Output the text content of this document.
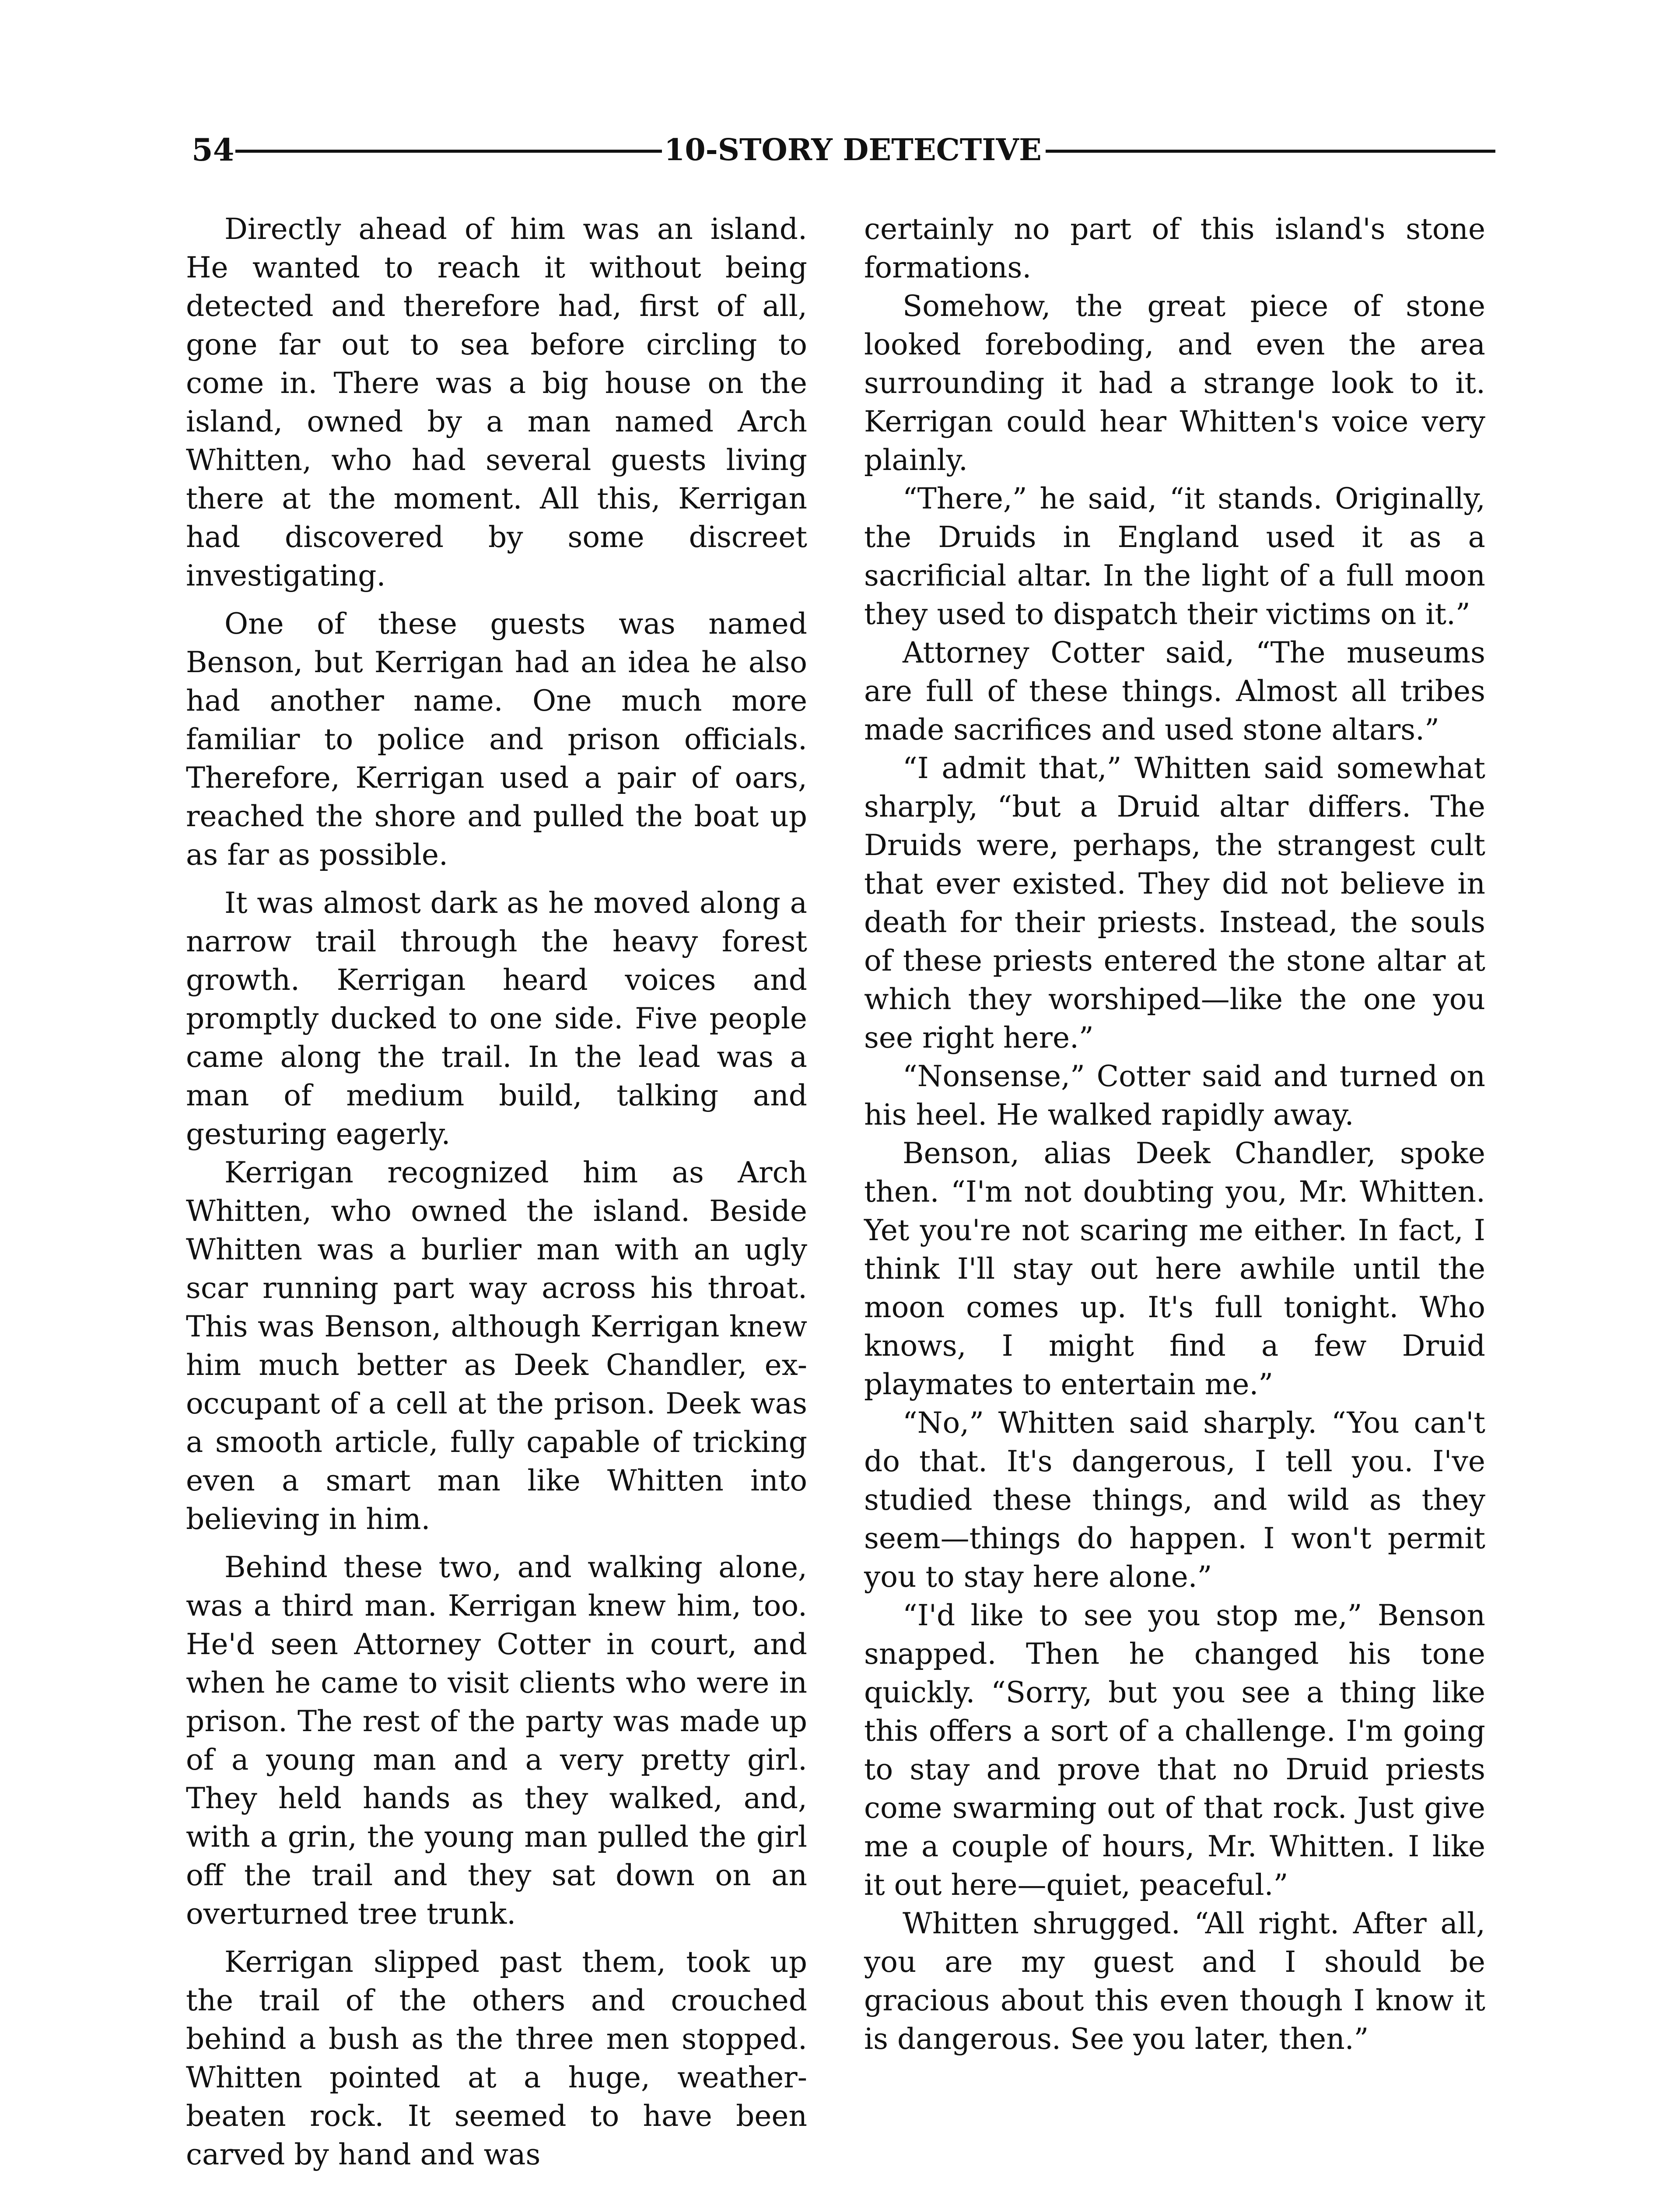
54	10-STORY DETECTIVE

Directly ahead of him was an island. He wanted to reach it without being detected and therefore had, first of all, gone far out to sea before circling to come in. There was a big house on the island, owned by a man named Arch Whitten, who had several guests living there at the moment. All this, Kerrigan had discovered by some discreet investigating.

One of these guests was named Benson, but Kerrigan had an idea he also had another name. One much more familiar to police and prison officials. Therefore, Kerrigan used a pair of oars, reached the shore and pulled the boat up as far as possible.

It was almost dark as he moved along a narrow trail through the heavy forest growth. Kerrigan heard voices and promptly ducked to one side. Five people came along the trail. In the lead was a man of medium build, talking and gesturing eagerly.

Kerrigan recognized him as Arch Whitten, who owned the island. Beside Whitten was a burlier man with an ugly scar running part way across his throat. This was Benson, although Kerrigan knew him much better as Deek Chandler, ex-occupant of a cell at the prison. Deek was a smooth article, fully capable of tricking even a smart man like Whitten into believing in him.

Behind these two, and walking alone, was a third man. Kerrigan knew him, too. He'd seen Attorney Cotter in court, and when he came to visit clients who were in prison. The rest of the party was made up of a young man and a very pretty girl. They held hands as they walked, and, with a grin, the young man pulled the girl off the trail and they sat down on an overturned tree trunk.

Kerrigan slipped past them, took up the trail of the others and crouched behind a bush as the three men stopped. Whitten pointed at a huge, weather-beaten rock. It seemed to have been carved by hand and was

certainly no part of this island's stone formations.

Somehow, the great piece of stone looked foreboding, and even the area surrounding it had a strange look to it. Kerrigan could hear Whitten's voice very plainly.

“There,” he said, “it stands. Originally, the Druids in England used it as a sacrificial altar. In the light of a full moon they used to dispatch their victims on it.”

Attorney Cotter said, “The museums are full of these things. Almost all tribes made sacrifices and used stone altars.”

“I admit that,” Whitten said somewhat sharply, “but a Druid altar differs. The Druids were, perhaps, the strangest cult that ever existed. They did not believe in death for their priests. Instead, the souls of these priests entered the stone altar at which they worshiped—like the one you see right here.”

“Nonsense,” Cotter said and turned on his heel. He walked rapidly away.

Benson, alias Deek Chandler, spoke then. “I'm not doubting you, Mr. Whitten. Yet you're not scaring me either. In fact, I think I'll stay out here awhile until the moon comes up. It's full tonight. Who knows, I might find a few Druid playmates to entertain me.”

“No,” Whitten said sharply. “You can't do that. It's dangerous, I tell you. I've studied these things, and wild as they seem—things do happen. I won't permit you to stay here alone.”

“I'd like to see you stop me,” Benson snapped. Then he changed his tone quickly. “Sorry, but you see a thing like this offers a sort of a challenge. I'm going to stay and prove that no Druid priests come swarming out of that rock. Just give me a couple of hours, Mr. Whitten. I like it out here—quiet, peaceful.”

Whitten shrugged. “All right. After all, you are my guest and I should be gracious about this even though I know it is dangerous. See you later, then.”
